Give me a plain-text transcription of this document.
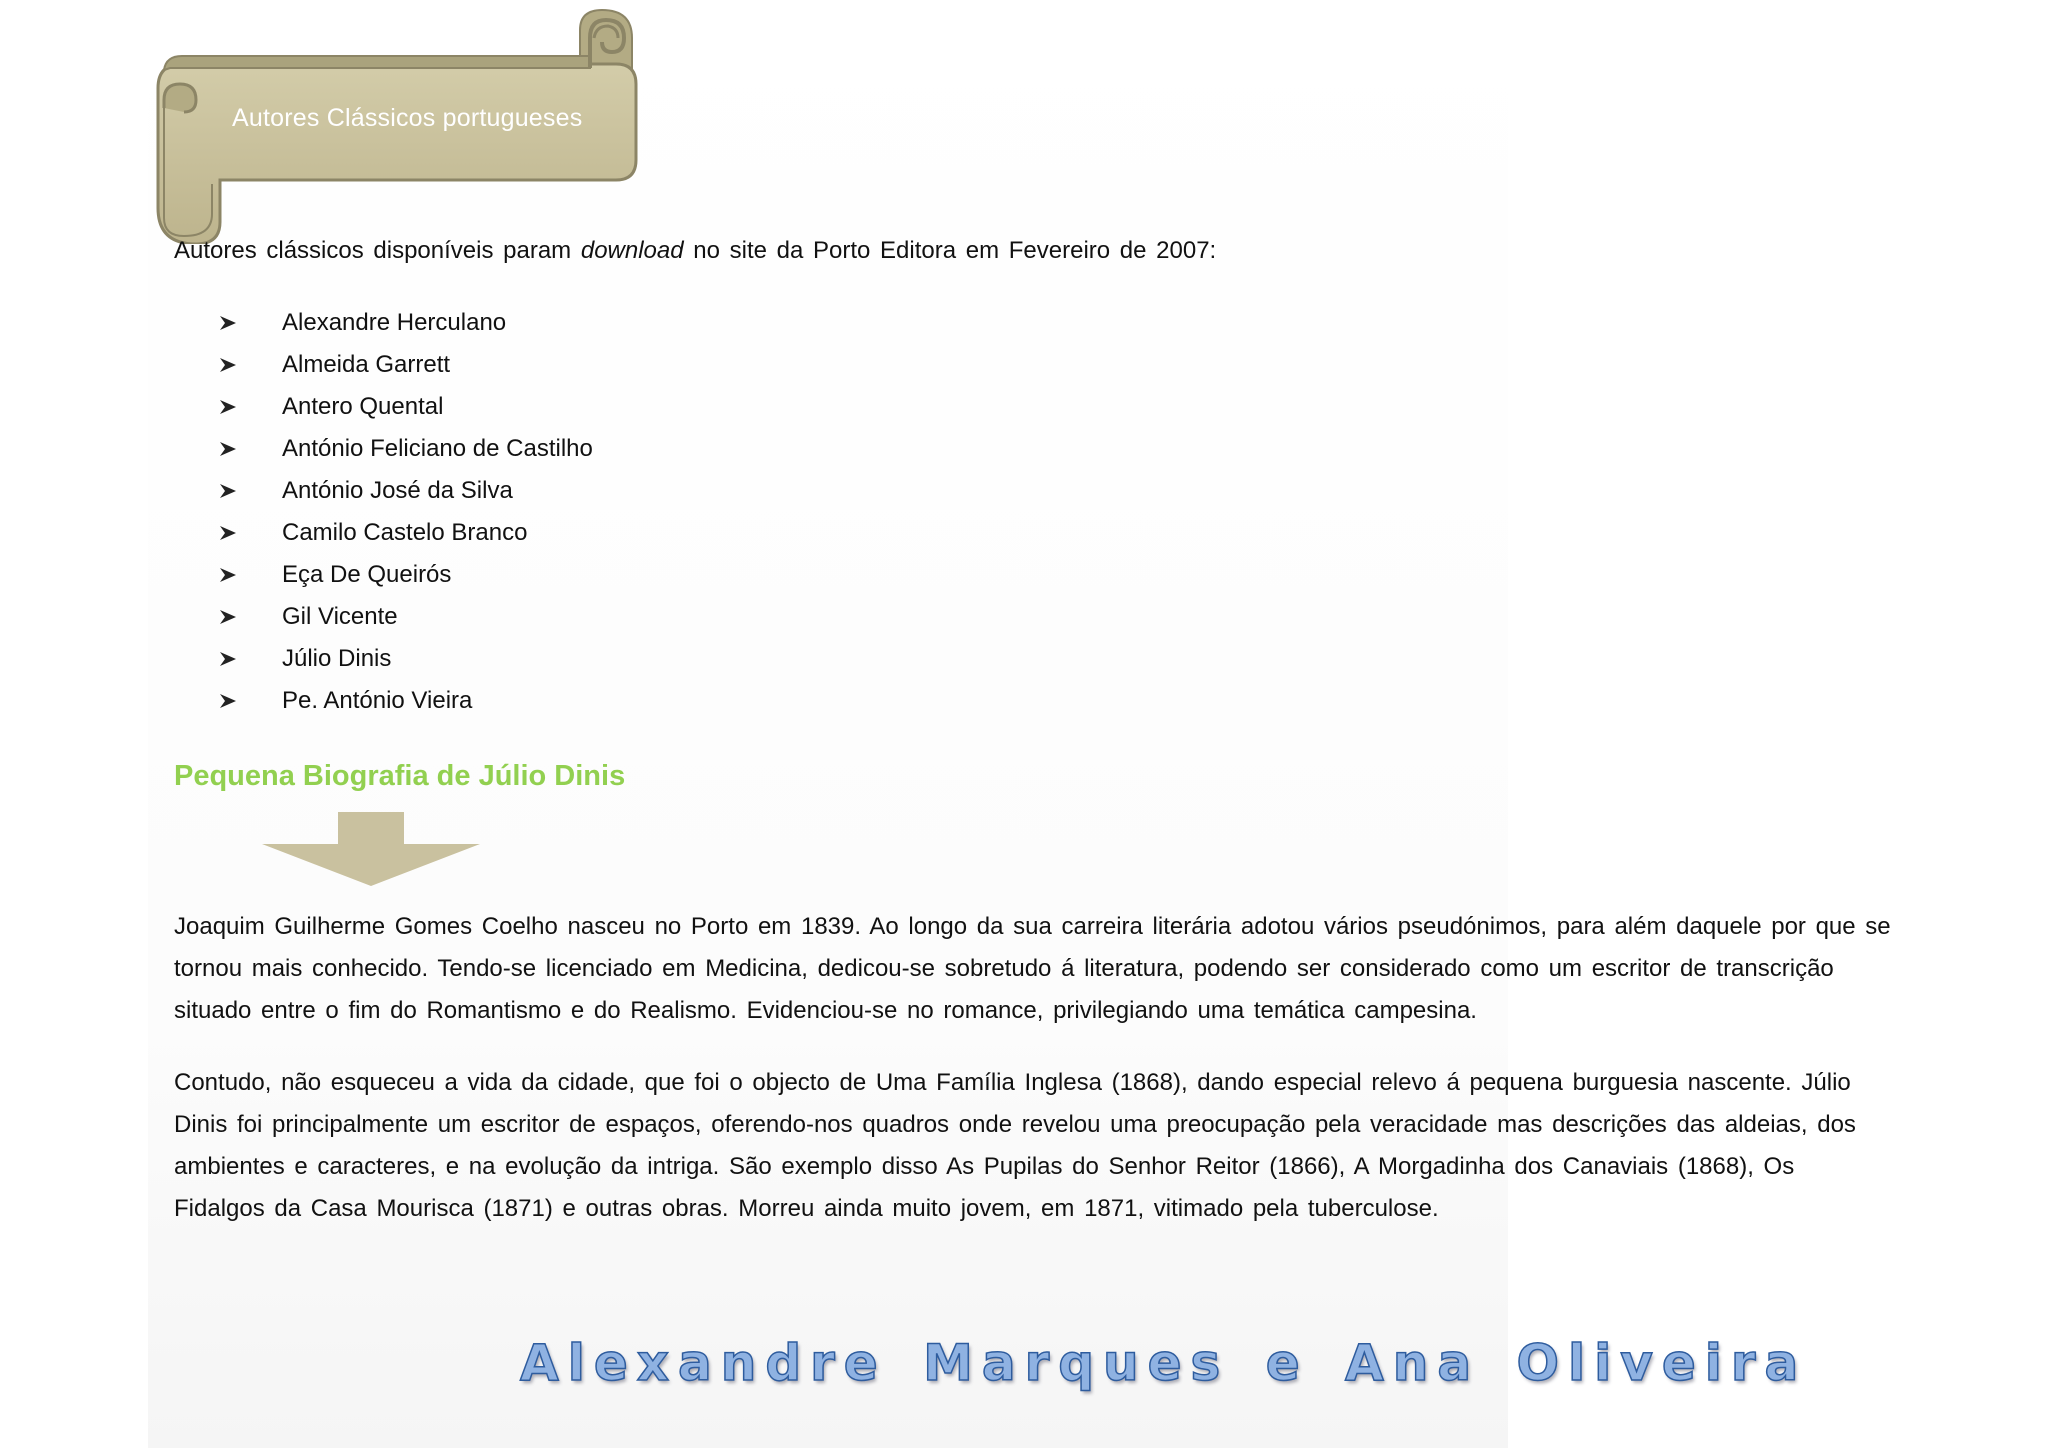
Autores Clássicos portugueses
Autores clássicos disponíveis param download no site da Porto Editora em Fevereiro de 2007:
Alexandre Herculano
Almeida Garrett
Antero Quental
António Feliciano de Castilho
António José da Silva
Camilo Castelo Branco
Eça De Queirós
Gil Vicente
Júlio Dinis
Pe. António Vieira
Pequena Biografia de Júlio Dinis

Joaquim Guilherme Gomes Coelho nasceu no Porto em 1839. Ao longo da sua carreira literária adotou vários pseudónimos, para além daquele por que se tornou mais conhecido. Tendo-se licenciado em Medicina, dedicou-se sobretudo á literatura, podendo ser considerado como um escritor de transcrição situado entre o fim do Romantismo e do Realismo. Evidenciou-se no romance, privilegiando uma temática campesina.

Contudo, não esqueceu a vida da cidade, que foi o objecto de Uma Família Inglesa (1868), dando especial relevo á pequena burguesia nascente. Júlio Dinis foi principalmente um escritor de espaços, oferendo-nos quadros onde revelou uma preocupação pela veracidade mas descrições das aldeias, dos ambientes e caracteres, e na evolução da intriga. São exemplo disso As Pupilas do Senhor Reitor (1866), A Morgadinha dos Canaviais (1868), Os Fidalgos da Casa Mourisca (1871) e outras obras. Morreu ainda muito jovem, em 1871, vitimado pela tuberculose.

Alexandre Marques e Ana Oliveira
